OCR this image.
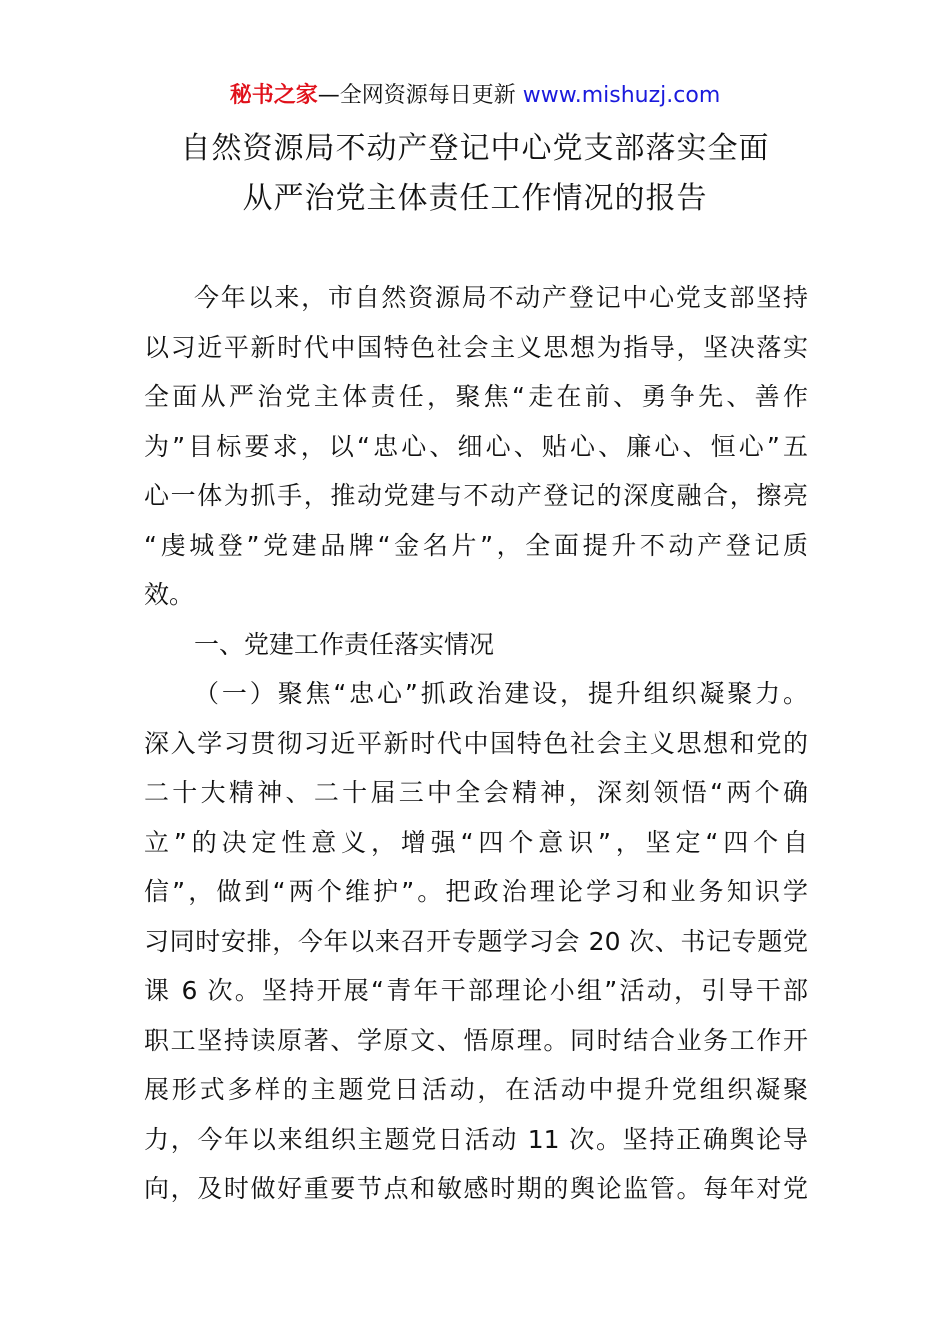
秘书之家—全网资源每日更新 www.mishuzj.com
自然资源局不动产登记中心党支部落实全面
从严治党主体责任工作情况的报告
今年以来，市自然资源局不动产登记中心党支部坚持
以习近平新时代中国特色社会主义思想为指导，坚决落实
全面从严治党主体责任，聚焦“走在前、勇争先、善作
为”目标要求，以“忠心、细心、贴心、廉心、恒心”五
心一体为抓手，推动党建与不动产登记的深度融合，擦亮
“虔城登”党建品牌“金名片”，全面提升不动产登记质
效。
一、党建工作责任落实情况
（一）聚焦“忠心”抓政治建设，提升组织凝聚力。
深入学习贯彻习近平新时代中国特色社会主义思想和党的
二十大精神、二十届三中全会精神，深刻领悟“两个确
立”的决定性意义，增强“四个意识”，坚定“四个自
信”，做到“两个维护”。把政治理论学习和业务知识学
习同时安排，今年以来召开专题学习会 20 次、书记专题党
课 6 次。坚持开展“青年干部理论小组”活动，引导干部
职工坚持读原著、学原文、悟原理。同时结合业务工作开
展形式多样的主题党日活动，在活动中提升党组织凝聚
力，今年以来组织主题党日活动 11 次。坚持正确舆论导
向，及时做好重要节点和敏感时期的舆论监管。每年对党
